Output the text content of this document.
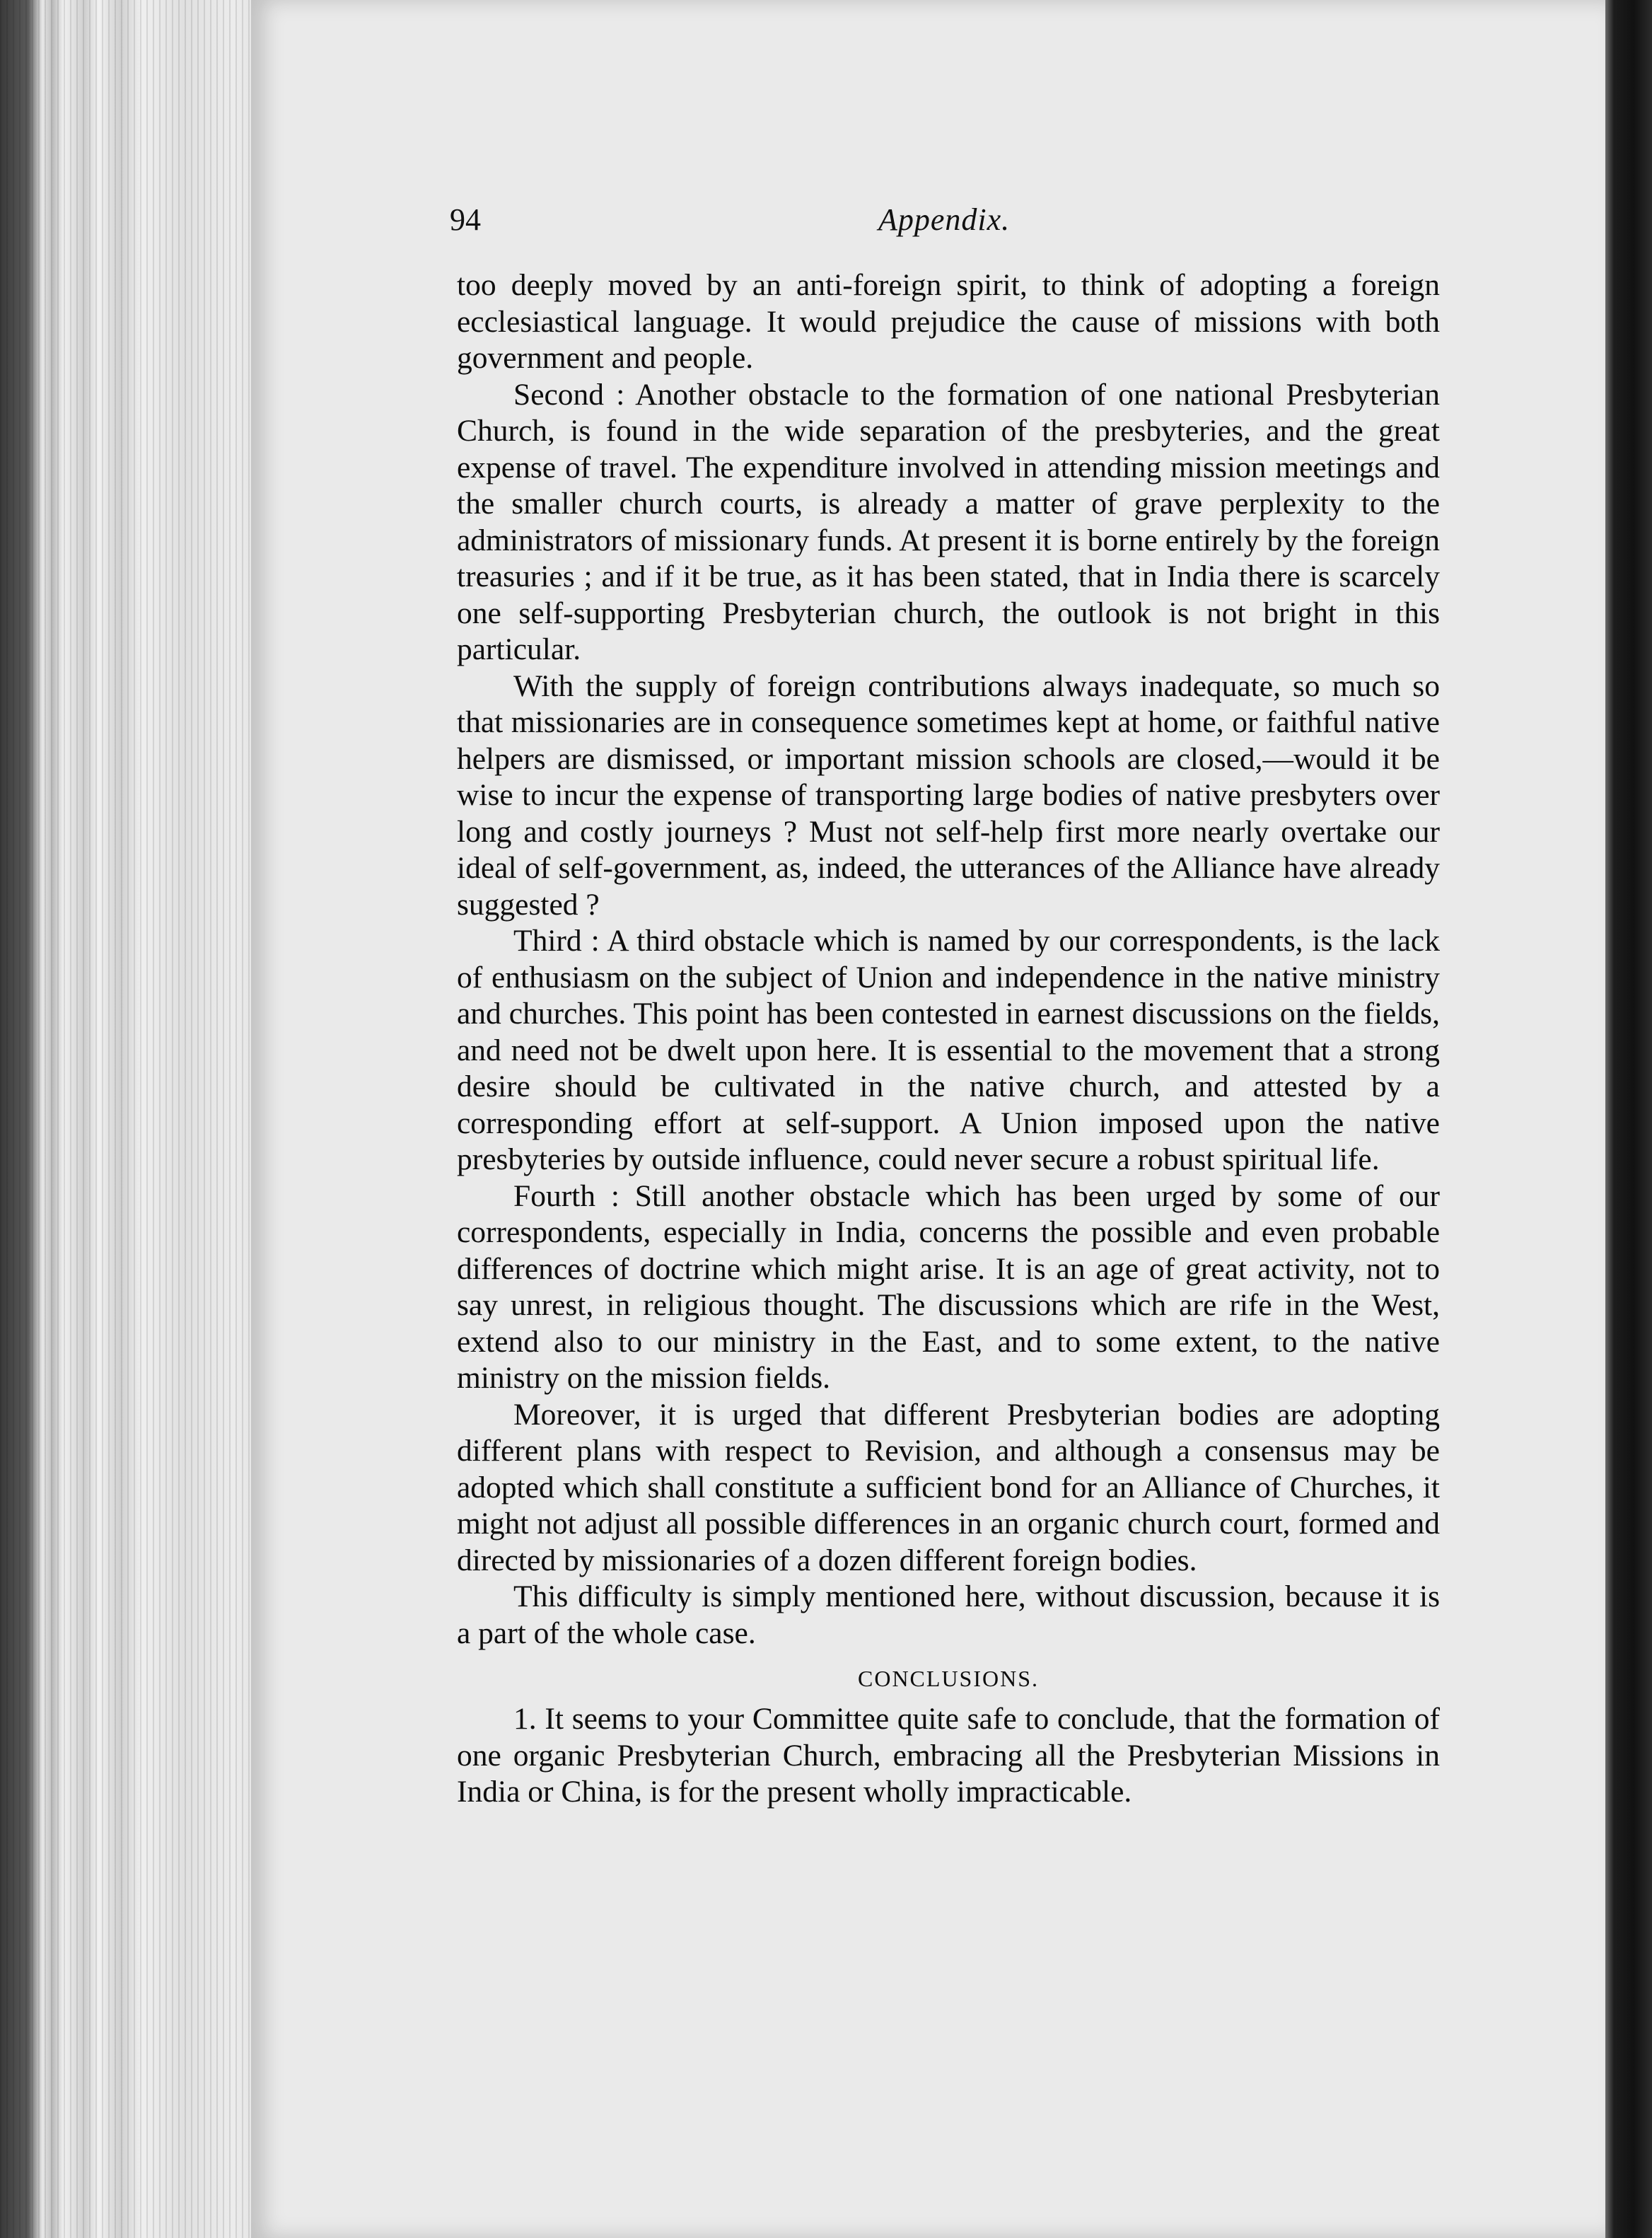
94	Appendix.

too deeply moved by an anti-foreign spirit, to think of adopting a foreign ecclesiastical language. It would prejudice the cause of missions with both government and people.

Second : Another obstacle to the formation of one national Presbyterian Church, is found in the wide separation of the presbyteries, and the great expense of travel. The expenditure involved in attending mission meetings and the smaller church courts, is already a matter of grave perplexity to the administrators of missionary funds. At present it is borne entirely by the foreign treasuries ; and if it be true, as it has been stated, that in India there is scarcely one self-supporting Presbyterian church, the outlook is not bright in this particular.

With the supply of foreign contributions always inadequate, so much so that missionaries are in consequence sometimes kept at home, or faithful native helpers are dismissed, or important mission schools are closed,—would it be wise to incur the expense of transporting large bodies of native presbyters over long and costly journeys ? Must not self-help first more nearly overtake our ideal of self-government, as, indeed, the utterances of the Alliance have already suggested ?

Third : A third obstacle which is named by our correspondents, is the lack of enthusiasm on the subject of Union and independence in the native ministry and churches. This point has been contested in earnest discussions on the fields, and need not be dwelt upon here. It is essential to the movement that a strong desire should be cultivated in the native church, and attested by a corresponding effort at self-support. A Union imposed upon the native presbyteries by outside influence, could never secure a robust spiritual life.

Fourth : Still another obstacle which has been urged by some of our correspondents, especially in India, concerns the possible and even probable differences of doctrine which might arise. It is an age of great activity, not to say unrest, in religious thought. The discussions which are rife in the West, extend also to our ministry in the East, and to some extent, to the native ministry on the mission fields.

Moreover, it is urged that different Presbyterian bodies are adopting different plans with respect to Revision, and although a consensus may be adopted which shall constitute a sufficient bond for an Alliance of Churches, it might not adjust all possible differences in an organic church court, formed and directed by missionaries of a dozen different foreign bodies.

This difficulty is simply mentioned here, without discussion, because it is a part of the whole case.

CONCLUSIONS.

1. It seems to your Committee quite safe to conclude, that the formation of one organic Presbyterian Church, embracing all the Presbyterian Missions in India or China, is for the present wholly impracticable.
